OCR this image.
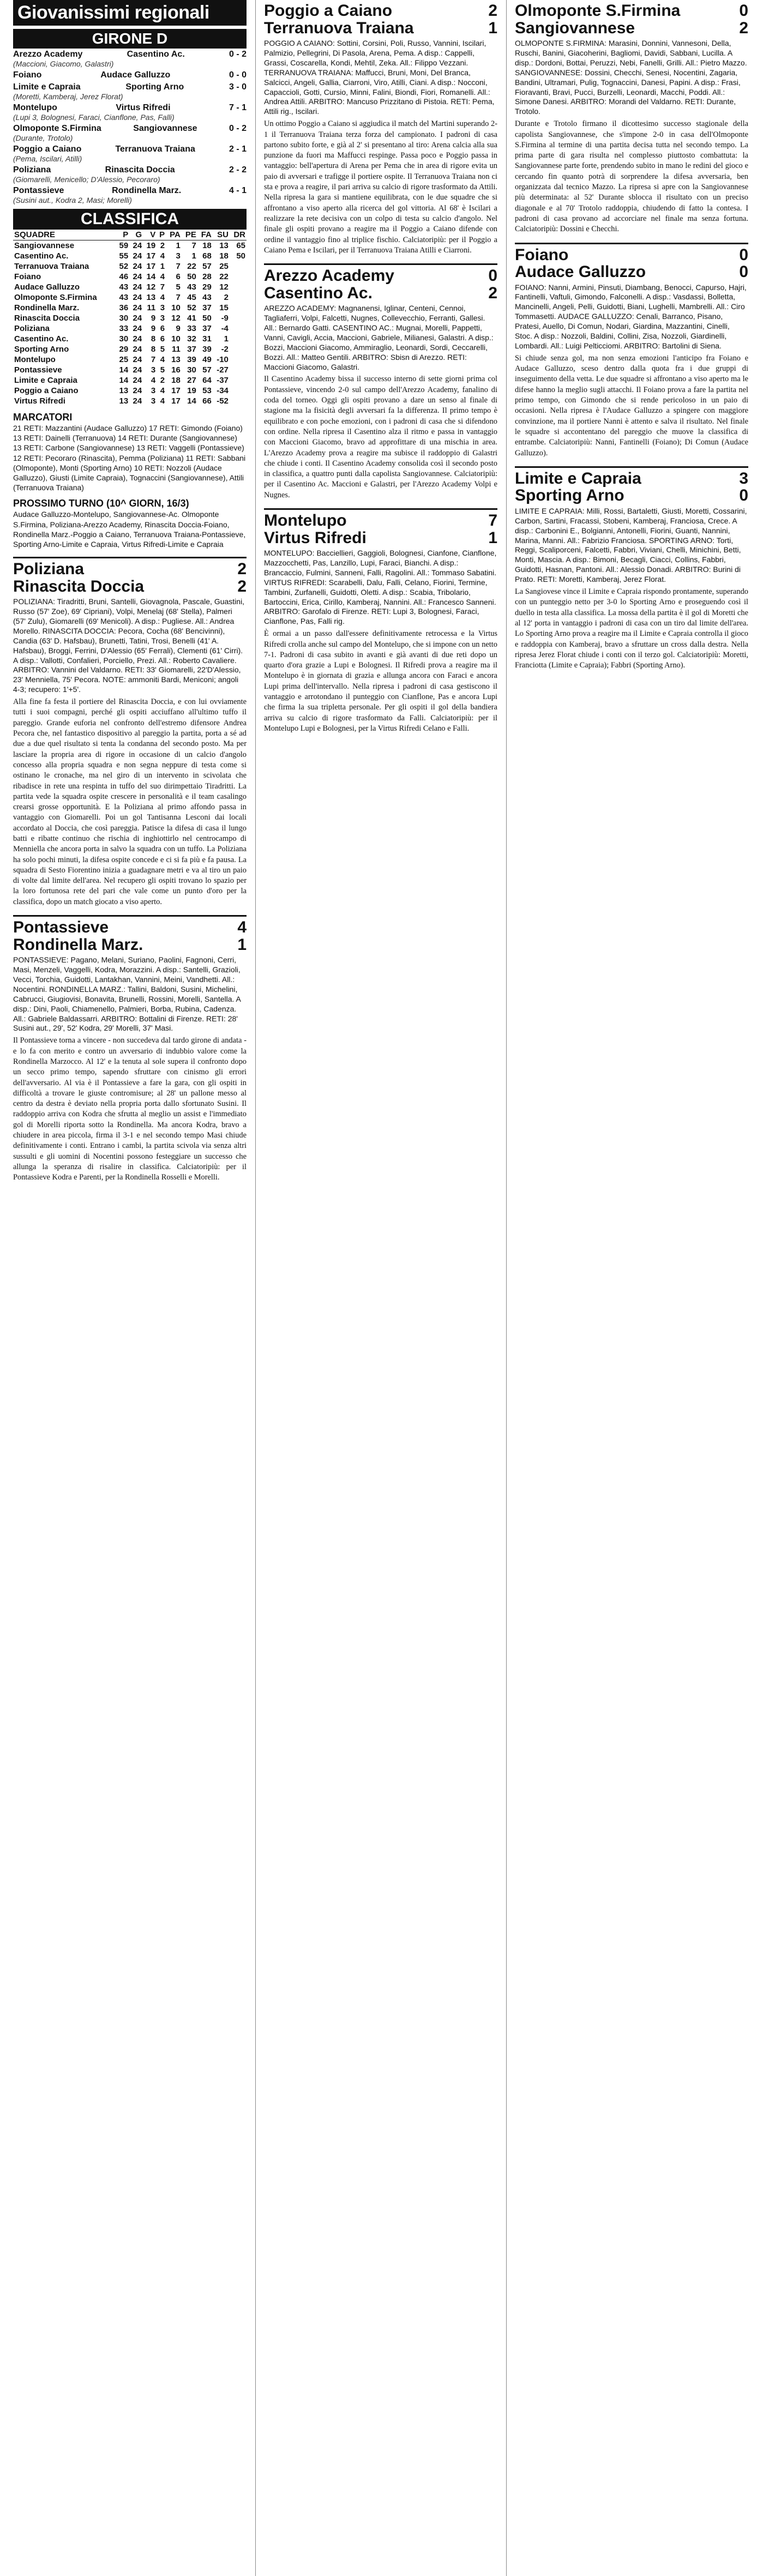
Giovanissimi regionali
GIRONE D
Arezzo Academy	Casentino Ac.	0 - 2
(Maccioni, Giacomo, Galastri)
Foiano	Audace Galluzzo	0 - 0
Limite e Capraia	Sporting Arno	3 - 0
(Moretti, Kamberaj, Jerez Florat)
Montelupo	Virtus Rifredi	7 - 1
(Lupi 3, Bolognesi, Faraci, Cianflone, Pas, Falli)
Olmoponte S.Firmina	Sangiovannese	0 - 2
(Durante, Trotolo)
Poggio a Caiano	Terranuova Traiana	2 - 1
(Pema, Iscilari, Atilli)
Poliziana	Rinascita Doccia	2 - 2
(Giomarelli, Menicello; D'Alessio, Pecoraro)
Pontassieve	Rondinella Marz.	4 - 1
(Susini aut., Kodra 2, Masi; Morelli)
CLASSIFICA
SQUADRE	P	G	V	P	PA	PE	FA	SU	DR
Sangiovannese	59	24	19	2	1	7	18	13	65
Casentino Ac.	55	24	17	4	3	1	68	18	50
Terranuova Traiana	52	24	17	1	7	22	57	25	
Foiano	46	24	14	4	6	50	28	22	
Audace Galluzzo	43	24	12	7	5	43	29	12	
Olmoponte S.Firmina	43	24	13	4	7	45	43	2	
Rondinella Marz.	36	24	11	3	10	52	37	15	
Rinascita Doccia	30	24	9	3	12	41	50	-9	
Poliziana	33	24	9	6	9	33	37	-4	
Casentino Ac.	30	24	8	6	10	32	31	1	
Sporting Arno	29	24	8	5	11	37	39	-2	
Montelupo	25	24	7	4	13	39	49	-10	
Pontassieve	14	24	3	5	16	30	57	-27	
Limite e Capraia	14	24	4	2	18	27	64	-37	
Poggio a Caiano	13	24	3	4	17	19	53	-34	
Virtus Rifredi	13	24	3	4	17	14	66	-52	
MARCATORI
21 RETI: Mazzantini (Audace Galluzzo) 17 RETI: Gimondo (Foiano) 13 RETI: Dainelli (Terranuova) 14 RETI: Durante (Sangiovannese) 13 RETI: Carbone (Sangiovannese) 13 RETI: Vaggelli (Pontassieve) 12 RETI: Pecoraro (Rinascita), Pemma (Poliziana) 11 RETI: Sabbani (Olmoponte), Monti (Sporting Arno) 10 RETI: Nozzoli (Audace Galluzzo), Giusti (Limite Capraia), Tognaccini (Sangiovannese), Attili (Terranuova Traiana)
PROSSIMO TURNO (10^ GIORN, 16/3)
Audace Galluzzo-Montelupo, Sangiovannese-Ac. Olmoponte S.Firmina, Poliziana-Arezzo Academy, Rinascita Doccia-Foiano, Rondinella Marz.-Poggio a Caiano, Terranuova Traiana-Pontassieve, Sporting Arno-Limite e Capraia, Virtus Rifredi-Limite e Capraia
Poliziana	2
Rinascita Doccia	2
POLIZIANA: Tiradritti, Bruni, Santelli, Giovagnola, Pascale, Guastini, Russo (57' Zoe), 69' Cipriani), Volpi, Menelaj (68' Stella), Palmeri (57' Zulu), Giomarelli (69' Menicoli). A disp.: Pugliese. All.: Andrea Morello. RINASCITA DOCCIA: Pecora, Cocha (68' Bencivinni), Candia (63' D. Hafsbau), Brunetti, Tatini, Trosi, Benelli (41' A. Hafsbau), Broggi, Ferrini, D'Alessio (65' Ferrali), Clementi (61' Cirri). A disp.: Vallotti, Confalieri, Porciello, Prezi. All.: Roberto Cavaliere. ARBITRO: Vannini del Valdarno. RETI: 33' Giomarelli, 22'D'Alessio, 23' Menniella, 75' Pecora. NOTE: ammoniti Bardi, Meniconi; angoli 4-3; recupero: 1'+5'.
Alla fine fa festa il portiere del Rinascita Doccia, e con lui ovviamente tutti i suoi compagni, perché gli ospiti acciuffano all'ultimo tuffo il pareggio. Grande euforia nel confronto dell'estremo difensore Andrea Pecora che, nel fantastico dispositivo al pareggio la partita, porta a sé ad due a due quel risultato si tenta la condanna del secondo posto. Ma per lasciare la propria area di rigore in occasione di un calcio d'angolo concesso alla propria squadra e non segna neppure di testa come si ostinano le cronache, ma nel giro di un intervento in scivolata che ribadisce in rete una respinta in tuffo del suo dirimpettaio Tiradritti. La partita vede la squadra ospite crescere in personalità e il team casalingo crearsi grosse opportunità. E la Poliziana al primo affondo passa in vantaggio con Giomarelli. Poi un gol Tantisanna Lesconi dai locali accordato al Doccia, che così pareggia. Patisce la difesa di casa il lungo batti e ribatte continuo che rischia di inghiottirlo nel centrocampo di Menniella che ancora porta in salvo la squadra con un tuffo. La Poliziana ha solo pochi minuti, la difesa ospite concede e ci si fa più e fa pausa. La squadra di Sesto Fiorentino inizia a guadagnare metri e va al tiro un paio di volte dal limite dell'area. Nel recupero gli ospiti trovano lo spazio per la loro fortunosa rete del pari che vale come un punto d'oro per la classifica, dopo un match giocato a viso aperto.
Pontassieve	4
Rondinella Marz.	1
PONTASSIEVE: Pagano, Melani, Suriano, Paolini, Fagnoni, Cerri, Masi, Menzeli, Vaggelli, Kodra, Morazzini. A disp.: Santelli, Grazioli, Vecci, Torchia, Guidotti, Lantakhan, Vannini, Meini, Vandhetti. All.: Nocentini. RONDINELLA MARZ.: Tallini, Baldoni, Susini, Michelini, Cabrucci, Giugiovisi, Bonavita, Brunelli, Rossini, Morelli, Santella. A disp.: Dini, Paoli, Chiamenello, Palmieri, Borba, Rubina, Cadenza. All.: Gabriele Baldassarri. ARBITRO: Bottalini di Firenze. RETI: 28' Susini aut., 29', 52' Kodra, 29' Morelli, 37' Masi.
Il Pontassieve torna a vincere - non succedeva dal tardo girone di andata - e lo fa con merito e contro un avversario di indubbio valore come la Rondinella Marzocco. Al 12' e la tenuta al sole supera il confronto dopo un secco primo tempo, sapendo sfruttare con cinismo gli errori dell'avversario. Al via è il Pontassieve a fare la gara, con gli ospiti in difficoltà a trovare le giuste contromisure; al 28' un pallone messo al centro da destra è deviato nella propria porta dallo sfortunato Susini. Il raddoppio arriva con Kodra che sfrutta al meglio un assist e l'immediato gol di Morelli riporta sotto la Rondinella. Ma ancora Kodra, bravo a chiudere in area piccola, firma il 3-1 e nel secondo tempo Masi chiude definitivamente i conti. Entrano i cambi, la partita scivola via senza altri sussulti e gli uomini di Nocentini possono festeggiare un successo che allunga la speranza di risalire in classifica. Calciatoripiù: per il Pontassieve Kodra e Parenti, per la Rondinella Rosselli e Morelli.
Poggio a Caiano	2
Terranuova Traiana	1
POGGIO A CAIANO: Sottini, Corsini, Poli, Russo, Vannini, Iscilari, Palmizio, Pellegrini, Di Pasola, Arena, Pema. A disp.: Cappelli, Grassi, Coscarella, Kondi, Mehtil, Zeka. All.: Filippo Vezzani. TERRANUOVA TRAIANA: Maffucci, Bruni, Moni, Del Branca, Salcicci, Angeli, Gallia, Ciarroni, Viro, Atilli, Ciani. A disp.: Nocconi, Capaccioli, Gotti, Cursio, Minni, Falini, Biondi, Fiori, Romanelli. All.: Andrea Attili. ARBITRO: Mancuso Prizzitano di Pistoia. RETI: Pema, Attili rig., Iscilari.
Un ottimo Poggio a Caiano si aggiudica il match del Martini superando 2-1 il Terranuova Traiana terza forza del campionato. I padroni di casa partono subito forte, e già al 2' si presentano al tiro: Arena calcia alla sua punzione da fuori ma Maffucci respinge. Passa poco e Poggio passa in vantaggio: bell'apertura di Arena per Pema che in area di rigore evita un paio di avversari e trafigge il portiere ospite. Il Terranuova Traiana non ci sta e prova a reagire, il pari arriva su calcio di rigore trasformato da Attili. Nella ripresa la gara si mantiene equilibrata, con le due squadre che si affrontano a viso aperto alla ricerca del gol vittoria. Al 68' è Iscilari a realizzare la rete decisiva con un colpo di testa su calcio d'angolo. Nel finale gli ospiti provano a reagire ma il Poggio a Caiano difende con ordine il vantaggio fino al triplice fischio. Calciatoripiù: per il Poggio a Caiano Pema e Iscilari, per il Terranuova Traiana Atilli e Ciarroni.
Arezzo Academy	0
Casentino Ac.	2
AREZZO ACADEMY: Magnanensi, Iglinar, Centeni, Cennoi, Tagliaferri, Volpi, Falcetti, Nugnes, Collevecchio, Ferranti, Gallesi. All.: Bernardo Gatti. CASENTINO AC.: Mugnai, Morelli, Pappetti, Vanni, Cavigli, Accia, Maccioni, Gabriele, Milianesi, Galastri. A disp.: Bozzi, Maccioni Giacomo, Ammiraglio, Leonardi, Sordi, Ceccarelli, Bozzi. All.: Matteo Gentili. ARBITRO: Sbisn di Arezzo. RETI: Maccioni Giacomo, Galastri.
Il Casentino Academy bissa il successo interno di sette giorni prima col Pontassieve, vincendo 2-0 sul campo dell'Arezzo Academy, fanalino di coda del torneo. Oggi gli ospiti provano a dare un senso al finale di stagione ma la fisicità degli avversari fa la differenza. Il primo tempo è equilibrato e con poche emozioni, con i padroni di casa che si difendono con ordine. Nella ripresa il Casentino alza il ritmo e passa in vantaggio con Maccioni Giacomo, bravo ad approfittare di una mischia in area. L'Arezzo Academy prova a reagire ma subisce il raddoppio di Galastri che chiude i conti. Il Casentino Academy consolida così il secondo posto in classifica, a quattro punti dalla capolista Sangiovannese. Calciatoripiù: per il Casentino Ac. Maccioni e Galastri, per l'Arezzo Academy Volpi e Nugnes.
Montelupo	7
Virtus Rifredi	1
MONTELUPO: Bacciellieri, Gaggioli, Bolognesi, Cianfone, Cianflone, Mazzocchetti, Pas, Lanzillo, Lupi, Faraci, Bianchi. A disp.: Brancaccio, Fulmini, Sanneni, Falli, Ragolini. All.: Tommaso Sabatini. VIRTUS RIFREDI: Scarabelli, Dalu, Falli, Celano, Fiorini, Termine, Tambini, Zurfanelli, Guidotti, Oletti. A disp.: Scabia, Tribolario, Bartoccini, Erica, Cirillo, Kamberaj, Nannini. All.: Francesco Sanneni. ARBITRO: Garofalo di Firenze. RETI: Lupi 3, Bolognesi, Faraci, Cianflone, Pas, Falli rig.
È ormai a un passo dall'essere definitivamente retrocessa e la Virtus Rifredi crolla anche sul campo del Montelupo, che si impone con un netto 7-1. Padroni di casa subito in avanti e già avanti di due reti dopo un quarto d'ora grazie a Lupi e Bolognesi. Il Rifredi prova a reagire ma il Montelupo è in giornata di grazia e allunga ancora con Faraci e ancora Lupi prima dell'intervallo. Nella ripresa i padroni di casa gestiscono il vantaggio e arrotondano il punteggio con Cianflone, Pas e ancora Lupi che firma la sua tripletta personale. Per gli ospiti il gol della bandiera arriva su calcio di rigore trasformato da Falli. Calciatoripiù: per il Montelupo Lupi e Bolognesi, per la Virtus Rifredi Celano e Falli.
Olmoponte S.Firmina	0
Sangiovannese	2
OLMOPONTE S.FIRMINA: Marasini, Donnini, Vannesoni, Della, Ruschi, Banini, Giacoherini, Bagliomi, Davidi, Sabbani, Lucilla. A disp.: Dordoni, Bottai, Peruzzi, Nebi, Fanelli, Grilli. All.: Pietro Mazzo. SANGIOVANNESE: Dossini, Checchi, Senesi, Nocentini, Zagaria, Bandini, Ultramari, Pulig, Tognaccini, Danesi, Papini. A disp.: Frasi, Fioravanti, Bravi, Pucci, Burzelli, Leonardi, Macchi, Poddi. All.: Simone Danesi. ARBITRO: Morandi del Valdarno. RETI: Durante, Trotolo.
Durante e Trotolo firmano il dicottesimo successo stagionale della capolista Sangiovannese, che s'impone 2-0 in casa dell'Olmoponte S.Firmina al termine di una partita decisa tutta nel secondo tempo. La prima parte di gara risulta nel complesso piuttosto combattuta: la Sangiovannese parte forte, prendendo subito in mano le redini del gioco e cercando fin quanto potrà di sorprendere la difesa avversaria, ben organizzata dal tecnico Mazzo. La ripresa si apre con la Sangiovannese più determinata: al 52' Durante sblocca il risultato con un preciso diagonale e al 70' Trotolo raddoppia, chiudendo di fatto la contesa. I padroni di casa provano ad accorciare nel finale ma senza fortuna. Calciatoripiù: Dossini e Checchi.
Foiano	0
Audace Galluzzo	0
FOIANO: Nanni, Armini, Pinsuti, Diambang, Benocci, Capurso, Hajri, Fantinelli, Vaftuli, Gimondo, Falconelli. A disp.: Vasdassi, Bolletta, Mancinelli, Angeli, Pelli, Guidotti, Biani, Lughelli, Mambrelli. All.: Ciro Tommasetti. AUDACE GALLUZZO: Cenali, Barranco, Pisano, Pratesi, Auello, Di Comun, Nodari, Giardina, Mazzantini, Cinelli, Stoc. A disp.: Nozzoli, Baldini, Collini, Zisa, Nozzoli, Giardinelli, Lombardi. All.: Luigi Pelticciomi. ARBITRO: Bartolini di Siena.
Si chiude senza gol, ma non senza emozioni l'anticipo fra Foiano e Audace Galluzzo, sceso dentro dalla quota fra i due gruppi di inseguimento della vetta. Le due squadre si affrontano a viso aperto ma le difese hanno la meglio sugli attacchi. Il Foiano prova a fare la partita nel primo tempo, con Gimondo che si rende pericoloso in un paio di occasioni. Nella ripresa è l'Audace Galluzzo a spingere con maggiore convinzione, ma il portiere Nanni è attento e salva il risultato. Nel finale le squadre si accontentano del pareggio che muove la classifica di entrambe. Calciatoripiù: Nanni, Fantinelli (Foiano); Di Comun (Audace Galluzzo).
Limite e Capraia	3
Sporting Arno	0
LIMITE E CAPRAIA: Milli, Rossi, Bartaletti, Giusti, Moretti, Cossarini, Carbon, Sartini, Fracassi, Stobeni, Kamberaj, Franciosa, Crece. A disp.: Carbonini E., Bolgianni, Antonelli, Fiorini, Guanti, Nannini, Marina, Manni. All.: Fabrizio Franciosa. SPORTING ARNO: Torti, Reggi, Scaliporceni, Falcetti, Fabbri, Viviani, Chelli, Minichini, Betti, Monti, Mascia. A disp.: Bimoni, Becagli, Ciacci, Collins, Fabbri, Guidotti, Hasnan, Pantoni. All.: Alessio Donadi. ARBITRO: Burini di Prato. RETI: Moretti, Kamberaj, Jerez Florat.
La Sangiovese vince il Limite e Capraia rispondo prontamente, superando con un punteggio netto per 3-0 lo Sporting Arno e proseguendo così il duello in testa alla classifica. La mossa della partita è il gol di Moretti che al 12' porta in vantaggio i padroni di casa con un tiro dal limite dell'area. Lo Sporting Arno prova a reagire ma il Limite e Capraia controlla il gioco e raddoppia con Kamberaj, bravo a sfruttare un cross dalla destra. Nella ripresa Jerez Florat chiude i conti con il terzo gol. Calciatoripiù: Moretti, Franciotta (Limite e Capraia); Fabbri (Sporting Arno).
